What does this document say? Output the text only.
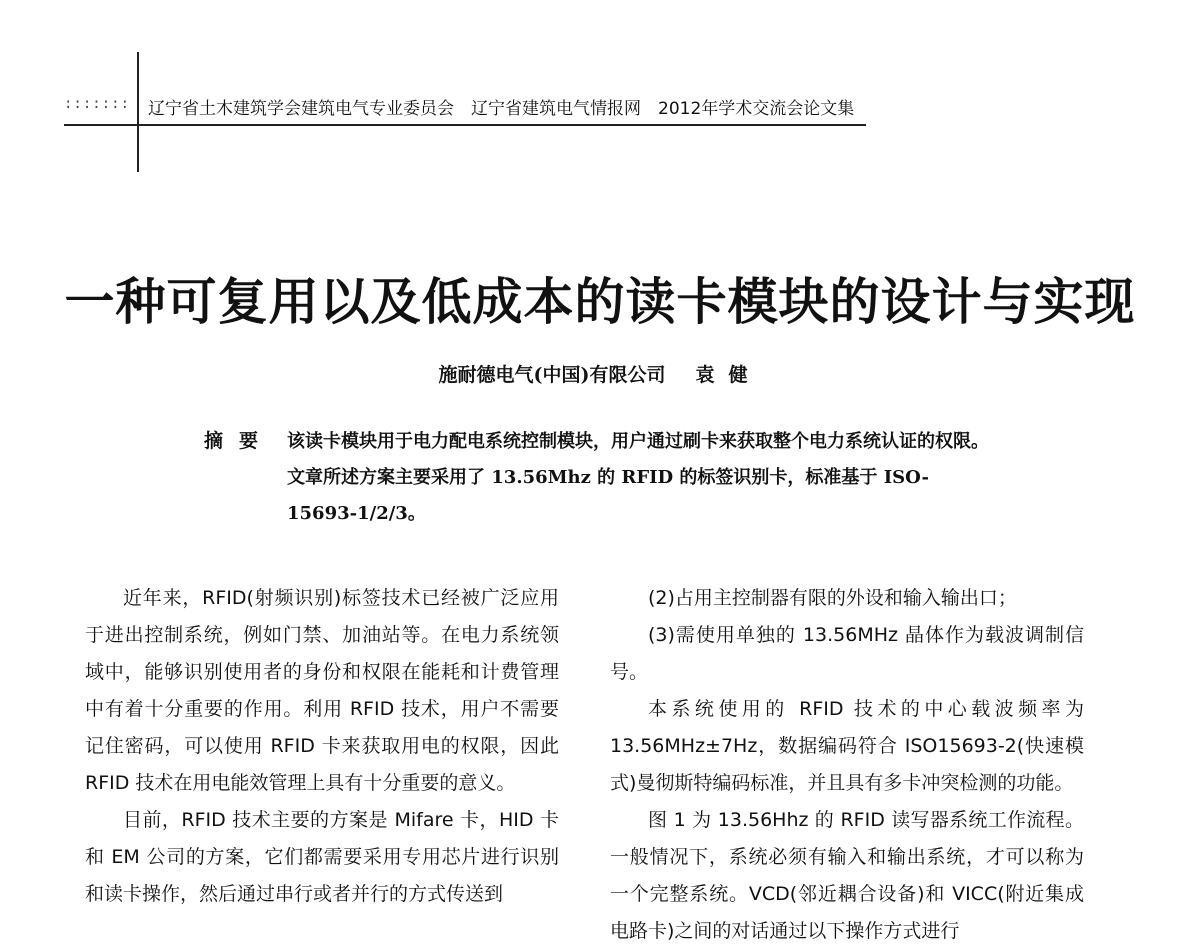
::::::: 辽宁省土木建筑学会建筑电气专业委员会　辽宁省建筑电气情报网　2012年学术交流会论文集
一种可复用以及低成本的读卡模块的设计与实现
施耐德电气(中国)有限公司 袁健
摘要 该读卡模块用于电力配电系统控制模块，用户通过刷卡来获取整个电力系统认证的权限。文章所述方案主要采用了 13.56Mhz 的 RFID 的标签识别卡，标准基于 ISO-15693-1/2/3。

近年来，RFID(射频识别)标签技术已经被广泛应用于进出控制系统，例如门禁、加油站等。在电力系统领域中，能够识别使用者的身份和权限在能耗和计费管理中有着十分重要的作用。利用 RFID 技术，用户不需要记住密码，可以使用 RFID 卡来获取用电的权限，因此 RFID 技术在用电能效管理上具有十分重要的意义。

目前，RFID 技术主要的方案是 Mifare 卡，HID 卡和 EM 公司的方案，它们都需要采用专用芯片进行识别和读卡操作，然后通过串行或者并行的方式传送到

(2)占用主控制器有限的外设和输入输出口；

(3)需使用单独的 13.56MHz 晶体作为载波调制信号。

本系统使用的 RFID 技术的中心载波频率为 13.56MHz±7Hz，数据编码符合 ISO15693-2(快速模式)曼彻斯特编码标准，并且具有多卡冲突检测的功能。

图 1 为 13.56Hhz 的 RFID 读写器系统工作流程。一般情况下，系统必须有输入和输出系统，才可以称为一个完整系统。VCD(邻近耦合设备)和 VICC(附近集成电路卡)之间的对话通过以下操作方式进行
